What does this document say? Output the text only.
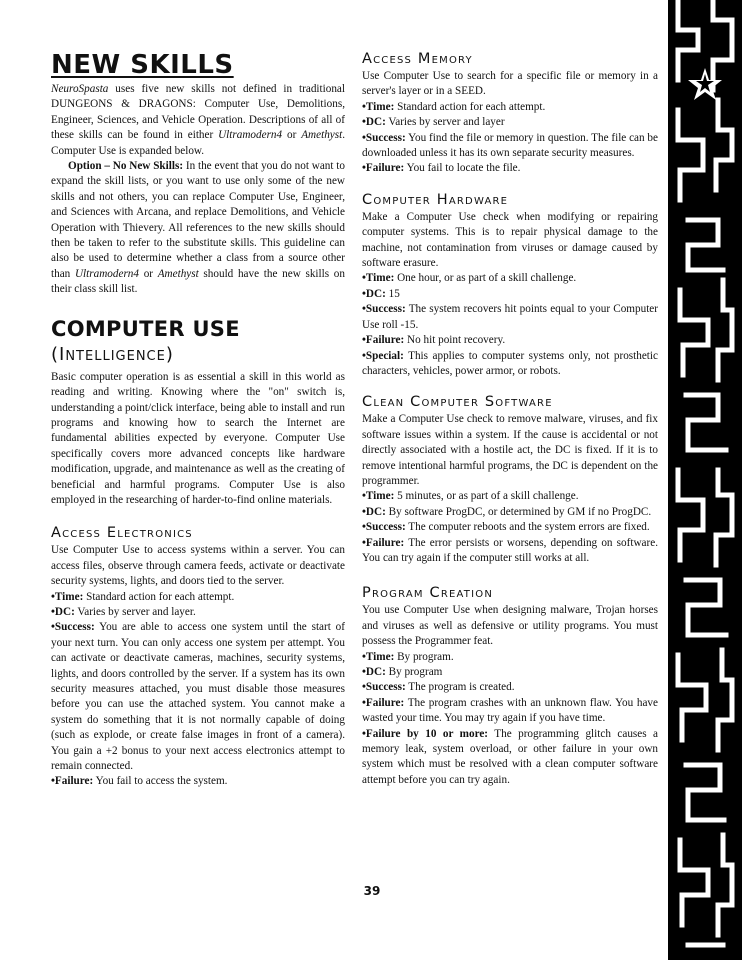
NEW SKILLS

NeuroSpasta uses five new skills not defined in traditional DUNGEONS & DRAGONS: Computer Use, Demolitions, Engineer, Sciences, and Vehicle Operation. Descriptions of all of these skills can be found in either Ultramodern4 or Amethyst. Computer Use is expanded below.

Option – No New Skills: In the event that you do not want to expand the skill lists, or you want to use only some of the new skills and not others, you can replace Computer Use, Engineer, and Sciences with Arcana, and replace Demolitions, and Vehicle Operation with Thievery. All references to the new skills should then be taken to refer to the substitute skills. This guideline can also be used to determine whether a class from a source other than Ultramodern4 or Amethyst should have the new skills on their class skill list.

COMPUTER USE
(Intelligence)

Basic computer operation is as essential a skill in this world as reading and writing. Knowing where the "on" switch is, understanding a point/click interface, being able to install and run programs and knowing how to search the Internet are fundamental abilities expected by everyone. Computer Use specifically covers more advanced concepts like hardware modification, upgrade, and maintenance as well as the creating of beneficial and harmful programs. Computer Use is also employed in the researching of harder-to-find online materials.

Access Electronics

Use Computer Use to access systems within a server. You can access files, observe through camera feeds, activate or deactivate security systems, lights, and doors tied to the server.

•Time: Standard action for each attempt.

•DC: Varies by server and layer.

•Success: You are able to access one system until the start of your next turn. You can only access one system per attempt. You can activate or deactivate cameras, machines, security systems, lights, and doors controlled by the server. If a system has its own security measures attached, you must disable those measures before you can use the attached system. You cannot make a system do something that it is not normally capable of doing (such as explode, or create false images in front of a camera). You gain a +2 bonus to your next access electronics attempt to remain connected.

•Failure: You fail to access the system.

Access Memory

Use Computer Use to search for a specific file or memory in a server's layer or in a SEED.

•Time: Standard action for each attempt.

•DC: Varies by server and layer

•Success: You find the file or memory in question. The file can be downloaded unless it has its own separate security measures.

•Failure: You fail to locate the file.

Computer Hardware

Make a Computer Use check when modifying or repairing computer systems. This is to repair physical damage to the machine, not contamination from viruses or damage caused by software erasure.

•Time: One hour, or as part of a skill challenge.

•DC: 15

•Success: The system recovers hit points equal to your Computer Use roll -15.

•Failure: No hit point recovery.

•Special: This applies to computer systems only, not prosthetic characters, vehicles, power armor, or robots.

Clean Computer Software

Make a Computer Use check to remove malware, viruses, and fix software issues within a system. If the cause is accidental or not directly associated with a hostile act, the DC is fixed. If it is to remove intentional harmful programs, the DC is dependent on the programmer.

•Time: 5 minutes, or as part of a skill challenge.

•DC: By software ProgDC, or determined by GM if no ProgDC.

•Success: The computer reboots and the system errors are fixed.

•Failure: The error persists or worsens, depending on software. You can try again if the computer still works at all.

Program Creation

You use Computer Use when designing malware, Trojan horses and viruses as well as defensive or utility programs. You must possess the Programmer feat.

•Time: By program.

•DC: By program

•Success: The program is created.

•Failure: The program crashes with an unknown flaw. You have wasted your time. You may try again if you have time.

•Failure by 10 or more: The programming glitch causes a memory leak, system overload, or other failure in your own system which must be resolved with a clean computer software attempt before you can try again.

39
